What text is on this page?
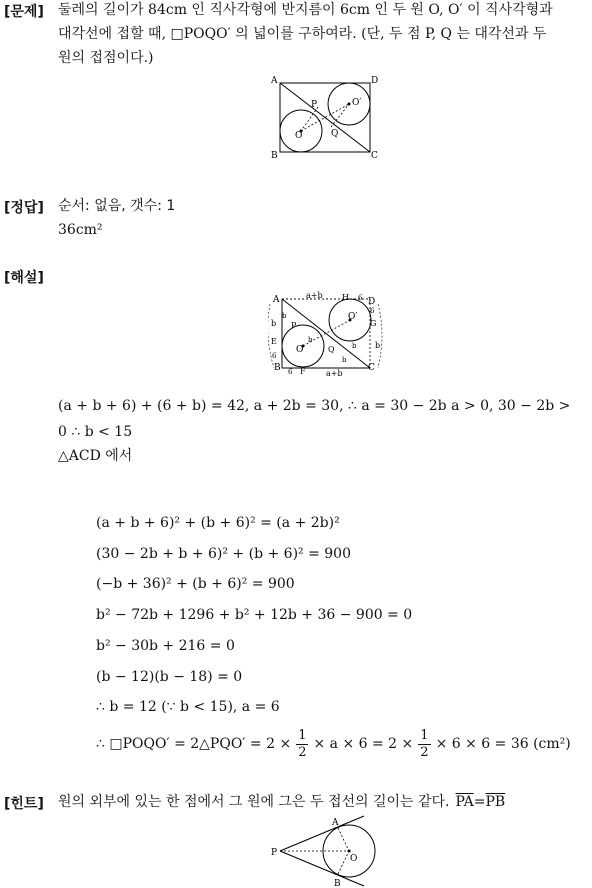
[문제] 둘레의 길이가 84cm 인 직사각형에 반지름이 6cm 인 두 원 O, O′ 이 직사각형과
대각선에 접할 때, □POQO′ 의 넓이를 구하여라. (단, 두 점 P, Q 는 대각선과 두
원의 접점이다.)
A	D
B	C
P
Q
O
O′
[정답] 순서: 없음, 갯수: 1
36cm²
[해설]
A	D
B	C
H
G
E
F
P
Q
O
O′
a+b
a+b
b
b
b
b
6
6
6
6
b
b
(a + b + 6) + (6 + b) = 42, a + 2b = 30, ∴ a = 30 − 2b a > 0, 30 − 2b >
0 ∴ b < 15
△ACD 에서
(a + b + 6)² + (b + 6)² = (a + 2b)²
(30 − 2b + b + 6)² + (b + 6)² = 900
(−b + 36)² + (b + 6)² = 900
b² − 72b + 1296 + b² + 12b + 36 − 900 = 0
b² − 30b + 216 = 0
(b − 12)(b − 18) = 0
∴ b = 12 (∵ b < 15), a = 6
∴ □POQO′ = 2△PQO′ = $2 \times \frac{1}{2} \times a \times 6 = 2 \times \frac{1}{2} \times 6 \times 6 = 36$ (cm²)
[힌트] 원의 외부에 있는 한 점에서 그 원에 그은 두 접선의 길이는 같다. $\overline{PA} = \overline{PB}$
A
P
O
B
